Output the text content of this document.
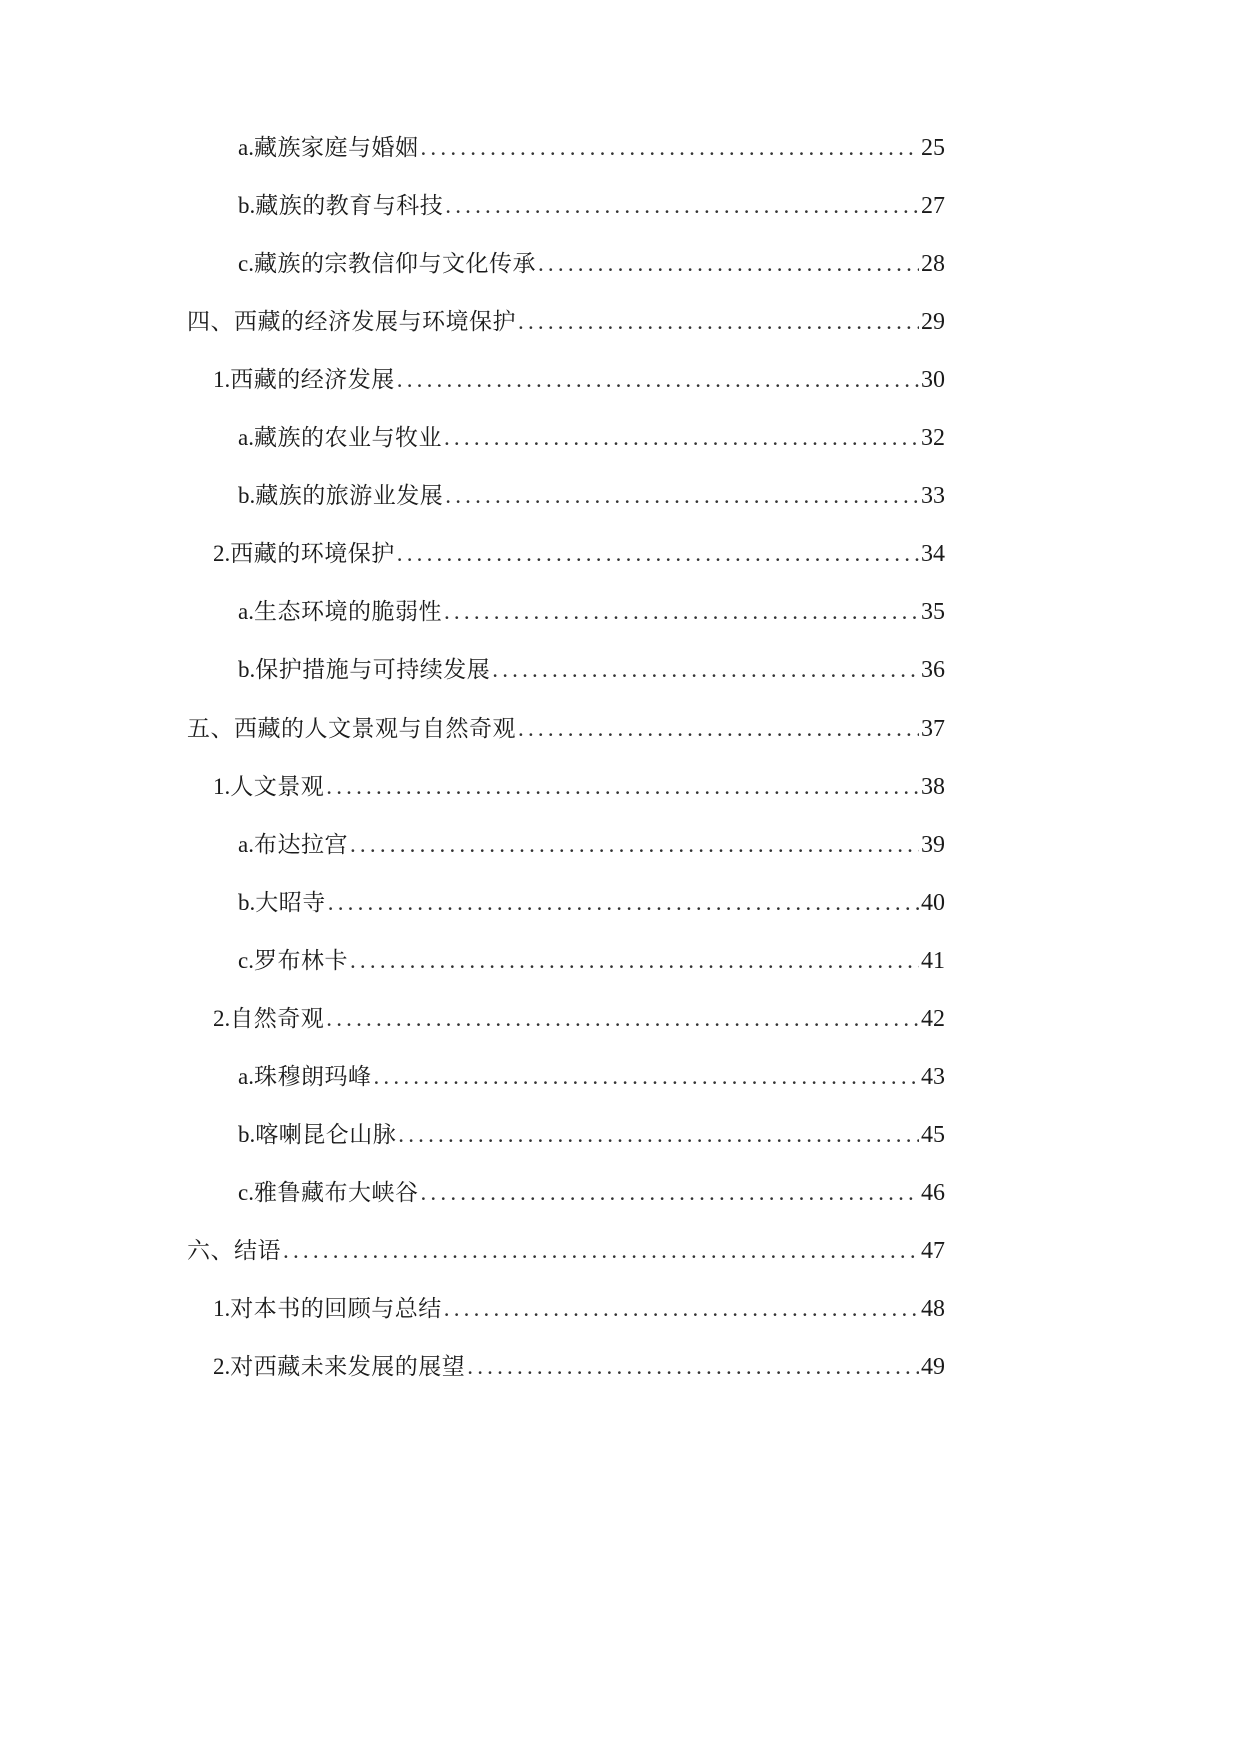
a. 藏族家庭与婚姻 .....	25
b. 藏族的教育与科技 .....	27
c. 藏族的宗教信仰与文化传承 .....	28
四、西藏的经济发展与环境保护 .....	29
1. 西藏的经济发展 .....	30
a. 藏族的农业与牧业 .....	32
b. 藏族的旅游业发展 .....	33
2. 西藏的环境保护 .....	34
a. 生态环境的脆弱性 .....	35
b. 保护措施与可持续发展 .....	36
五、西藏的人文景观与自然奇观 .....	37
1. 人文景观 .....	38
a. 布达拉宫 .....	39
b. 大昭寺 .....	40
c. 罗布林卡 .....	41
2. 自然奇观 .....	42
a. 珠穆朗玛峰 .....	43
b. 喀喇昆仑山脉 .....	45
c. 雅鲁藏布大峡谷 .....	46
六、结语 .....	47
1. 对本书的回顾与总结 .....	48
2. 对西藏未来发展的展望 .....	49
